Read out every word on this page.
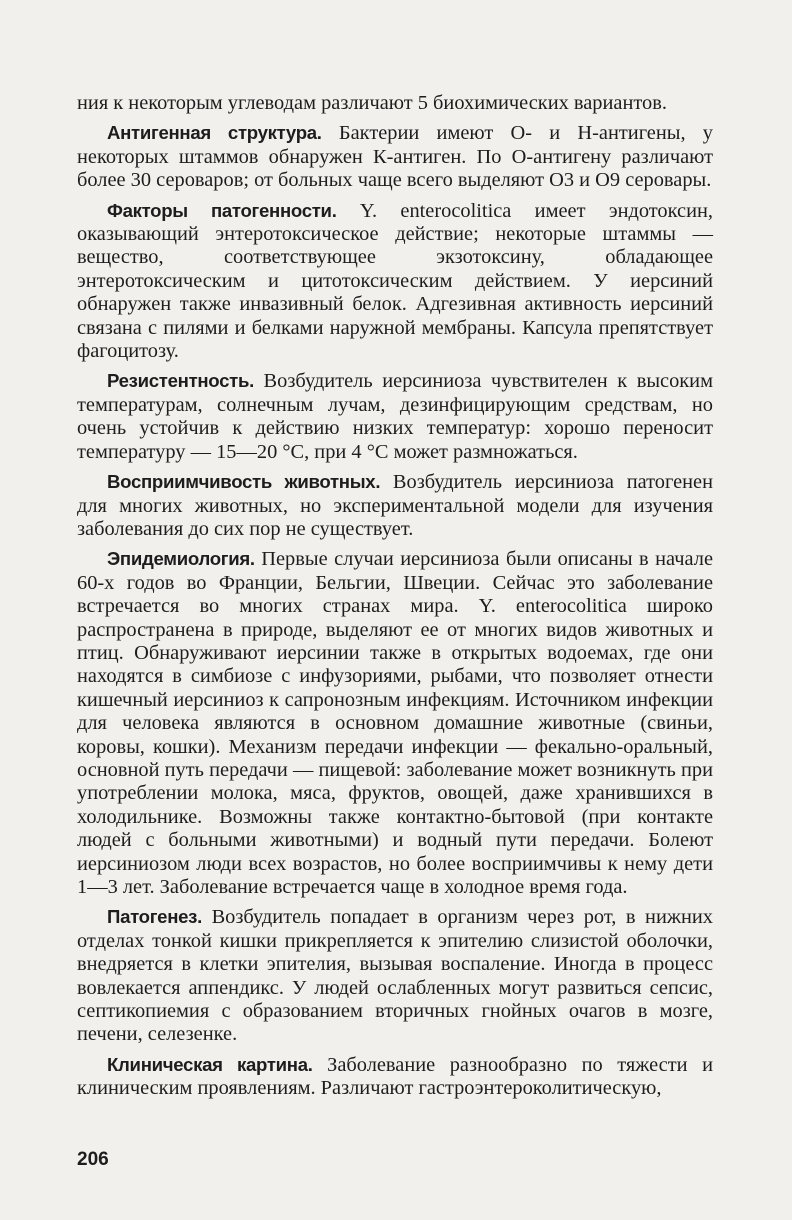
ния к некоторым углеводам различают 5 биохимических вариантов.

Антигенная структура. Бактерии имеют О- и Н-антигены, у некоторых штаммов обнаружен К-антиген. По О-антигену различают более 30 сероваров; от больных чаще всего выделяют О3 и О9 серовары.

Факторы патогенности. Y. enterocolitica имеет эндотоксин, оказывающий энтеротоксическое действие; некоторые штаммы — вещество, соответствующее экзотоксину, обладающее энтеротоксическим и цитотоксическим действием. У иерсиний обнаружен также инвазивный белок. Адгезивная активность иерсиний связана с пилями и белками наружной мембраны. Капсула препятствует фагоцитозу.

Резистентность. Возбудитель иерсиниоза чувствителен к высоким температурам, солнечным лучам, дезинфицирующим средствам, но очень устойчив к действию низких температур: хорошо переносит температуру — 15—20 °С, при 4 °С может размножаться.

Восприимчивость животных. Возбудитель иерсиниоза патогенен для многих животных, но экспериментальной модели для изучения заболевания до сих пор не существует.

Эпидемиология. Первые случаи иерсиниоза были описаны в начале 60-х годов во Франции, Бельгии, Швеции. Сейчас это заболевание встречается во многих странах мира. Y. enterocolitica широко распространена в природе, выделяют ее от многих видов животных и птиц. Обнаруживают иерсинии также в открытых водоемах, где они находятся в симбиозе с инфузориями, рыбами, что позволяет отнести кишечный иерсиниоз к сапронозным инфекциям. Источником инфекции для человека являются в основном домашние животные (свиньи, коровы, кошки). Механизм передачи инфекции — фекально-оральный, основной путь передачи — пищевой: заболевание может возникнуть при употреблении молока, мяса, фруктов, овощей, даже хранившихся в холодильнике. Возможны также контактно-бытовой (при контакте людей с больными животными) и водный пути передачи. Болеют иерсиниозом люди всех возрастов, но более восприимчивы к нему дети 1—3 лет. Заболевание встречается чаще в холодное время года.

Патогенез. Возбудитель попадает в организм через рот, в нижних отделах тонкой кишки прикрепляется к эпителию слизистой оболочки, внедряется в клетки эпителия, вызывая воспаление. Иногда в процесс вовлекается аппендикс. У людей ослабленных могут развиться сепсис, септикопиемия с образованием вторичных гнойных очагов в мозге, печени, селезенке.

Клиническая картина. Заболевание разнообразно по тяжести и клиническим проявлениям. Различают гастроэнтероколитическую,

206
